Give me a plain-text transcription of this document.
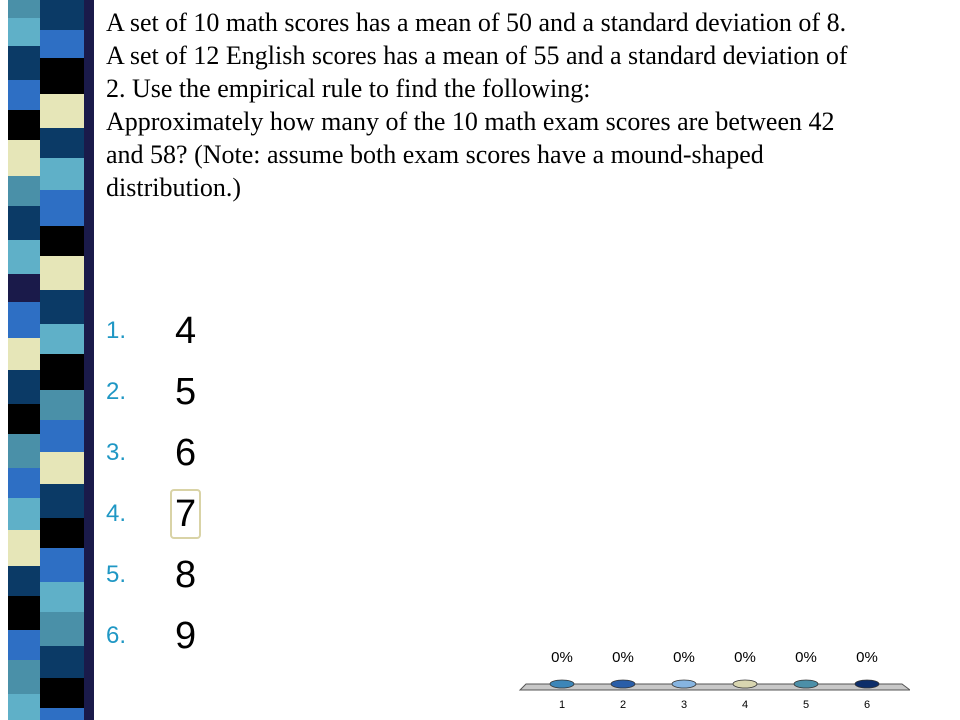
A set of 10 math scores has a mean of 50 and a standard deviation of 8. A set of 12 English scores has a mean of 55 and a standard deviation of 2. Use the empirical rule to find the following:
Approximately how many of the 10 math exam scores are between 42 and 58? (Note: assume both exam scores have a mound-shaped distribution.)

1.	4
2.	5
3.	6
4.	7
5.	8
6.	9
0%
1
0%
2
0%
3
0%
4
0%
5
0%
6
